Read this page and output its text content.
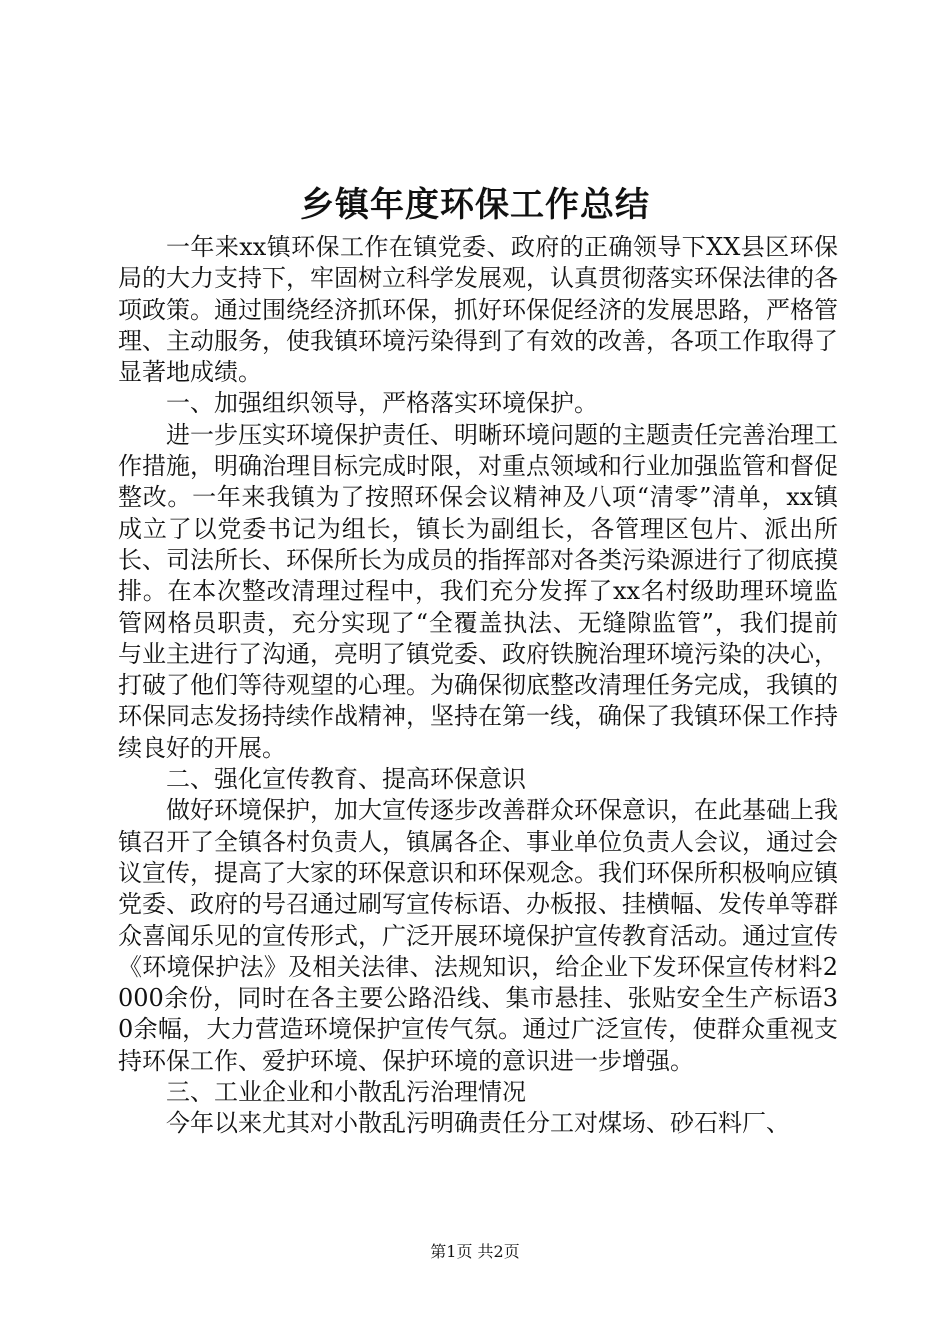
乡镇年度环保工作总结

一年来xx镇环保工作在镇党委、政府的正确领导下XX县区环保局的大力支持下，牢固树立科学发展观，认真贯彻落实环保法律的各项政策。通过围绕经济抓环保，抓好环保促经济的发展思路，严格管理、主动服务，使我镇环境污染得到了有效的改善，各项工作取得了显著地成绩。

一、加强组织领导，严格落实环境保护。

进一步压实环境保护责任、明晰环境问题的主题责任完善治理工作措施，明确治理目标完成时限，对重点领域和行业加强监管和督促整改。一年来我镇为了按照环保会议精神及八项“清零”清单，xx镇成立了以党委书记为组长，镇长为副组长，各管理区包片、派出所长、司法所长、环保所长为成员的指挥部对各类污染源进行了彻底摸排。在本次整改清理过程中，我们充分发挥了xx名村级助理环境监管网格员职责，充分实现了“全覆盖执法、无缝隙监管”，我们提前与业主进行了沟通，亮明了镇党委、政府铁腕治理环境污染的决心，打破了他们等待观望的心理。为确保彻底整改清理任务完成，我镇的环保同志发扬持续作战精神，坚持在第一线，确保了我镇环保工作持续良好的开展。

二、强化宣传教育、提高环保意识

做好环境保护，加大宣传逐步改善群众环保意识，在此基础上我镇召开了全镇各村负责人，镇属各企、事业单位负责人会议，通过会议宣传，提高了大家的环保意识和环保观念。我们环保所积极响应镇党委、政府的号召通过刷写宣传标语、办板报、挂横幅、发传单等群众喜闻乐见的宣传形式，广泛开展环境保护宣传教育活动。通过宣传《环境保护法》及相关法律、法规知识，给企业下发环保宣传材料2000余份，同时在各主要公路沿线、集市悬挂、张贴安全生产标语30余幅，大力营造环境保护宣传气氛。通过广泛宣传，使群众重视支持环保工作、爱护环境、保护环境的意识进一步增强。

三、工业企业和小散乱污治理情况

今年以来尤其对小散乱污明确责任分工对煤场、砂石料厂、

第1页 共2页
